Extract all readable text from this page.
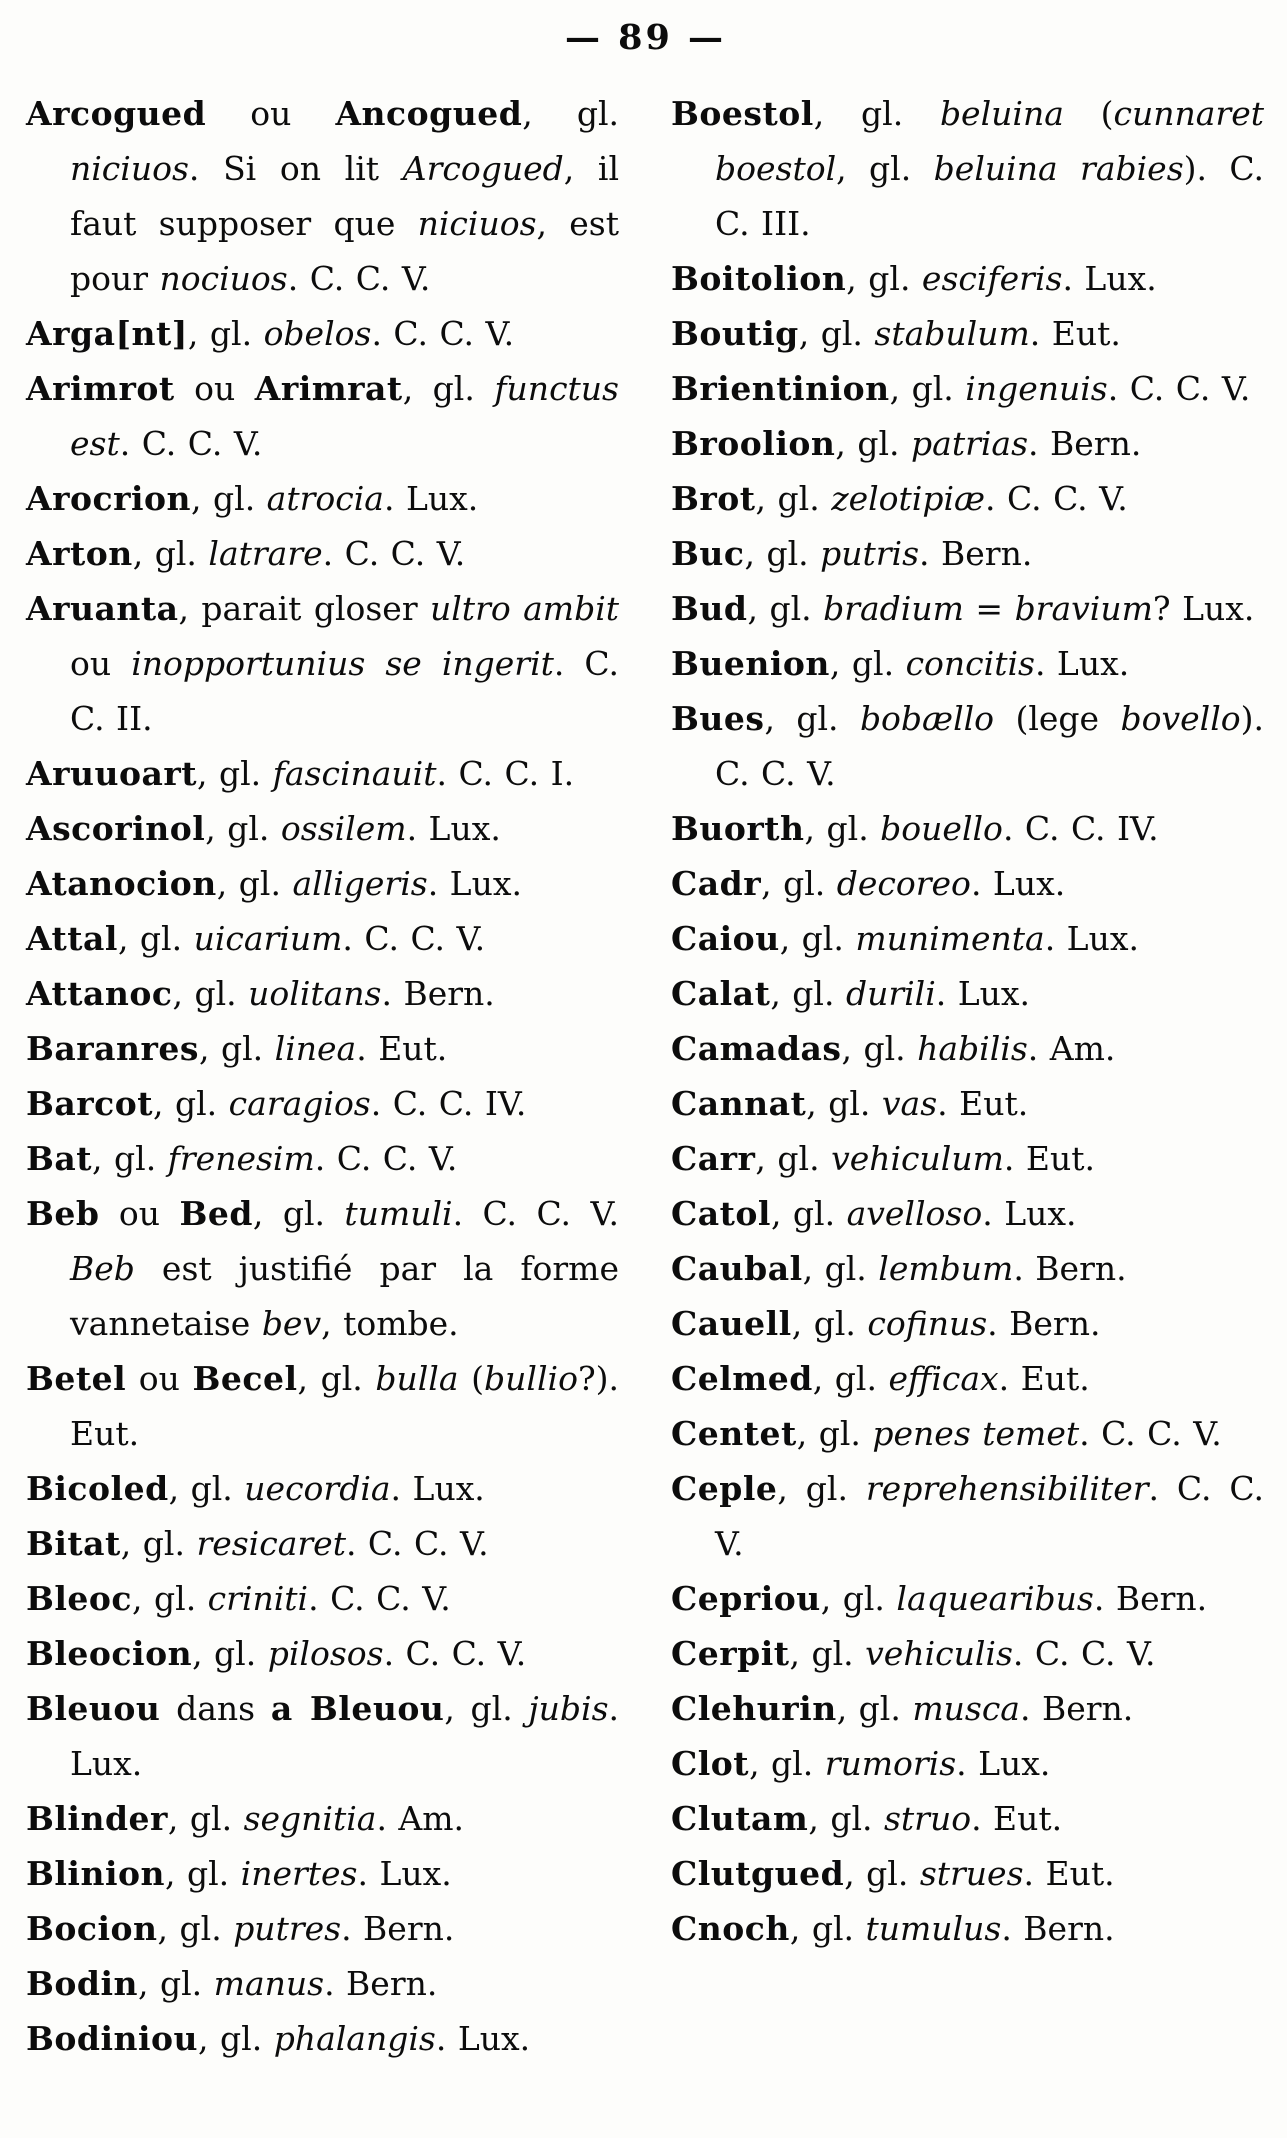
— 89 —

Arcogued ou Ancogued, gl. niciuos. Si on lit Arcogued, il faut supposer que niciuos, est pour nociuos. C. C. V.

Arga[nt], gl. obelos. C. C. V.

Arimrot ou Arimrat, gl. functus est. C. C. V.

Arocrion, gl. atrocia. Lux.

Arton, gl. latrare. C. C. V.

Aruanta, parait gloser ultro ambit ou inopportunius se ingerit. C. C. II.

Aruuoart, gl. fascinauit. C. C. I.

Ascorinol, gl. ossilem. Lux.

Atanocion, gl. alligeris. Lux.

Attal, gl. uicarium. C. C. V.

Attanoc, gl. uolitans. Bern.

Baranres, gl. linea. Eut.

Barcot, gl. caragios. C. C. IV.

Bat, gl. frenesim. C. C. V.

Beb ou Bed, gl. tumuli. C. C. V. Beb est justifié par la forme vannetaise bev, tombe.

Betel ou Becel, gl. bulla (bullio?). Eut.

Bicoled, gl. uecordia. Lux.

Bitat, gl. resicaret. C. C. V.

Bleoc, gl. criniti. C. C. V.

Bleocion, gl. pilosos. C. C. V.

Bleuou dans a Bleuou, gl. jubis. Lux.

Blinder, gl. segnitia. Am.

Blinion, gl. inertes. Lux.

Bocion, gl. putres. Bern.

Bodin, gl. manus. Bern.

Bodiniou, gl. phalangis. Lux.

Boestol, gl. beluina (cunnaret boestol, gl. beluina rabies). C. C. III.

Boitolion, gl. esciferis. Lux.

Boutig, gl. stabulum. Eut.

Brientinion, gl. ingenuis. C. C. V.

Broolion, gl. patrias. Bern.

Brot, gl. zelotipiæ. C. C. V.

Buc, gl. putris. Bern.

Bud, gl. bradium = bravium? Lux.

Buenion, gl. concitis. Lux.

Bues, gl. bobællo (lege bovello). C. C. V.

Buorth, gl. bouello. C. C. IV.

Cadr, gl. decoreo. Lux.

Caiou, gl. munimenta. Lux.

Calat, gl. durili. Lux.

Camadas, gl. habilis. Am.

Cannat, gl. vas. Eut.

Carr, gl. vehiculum. Eut.

Catol, gl. avelloso. Lux.

Caubal, gl. lembum. Bern.

Cauell, gl. cofinus. Bern.

Celmed, gl. efficax. Eut.

Centet, gl. penes temet. C. C. V.

Ceple, gl. reprehensibiliter. C. C. V.

Cepriou, gl. laquearibus. Bern.

Cerpit, gl. vehiculis. C. C. V.

Clehurin, gl. musca. Bern.

Clot, gl. rumoris. Lux.

Clutam, gl. struo. Eut.

Clutgued, gl. strues. Eut.

Cnoch, gl. tumulus. Bern.
